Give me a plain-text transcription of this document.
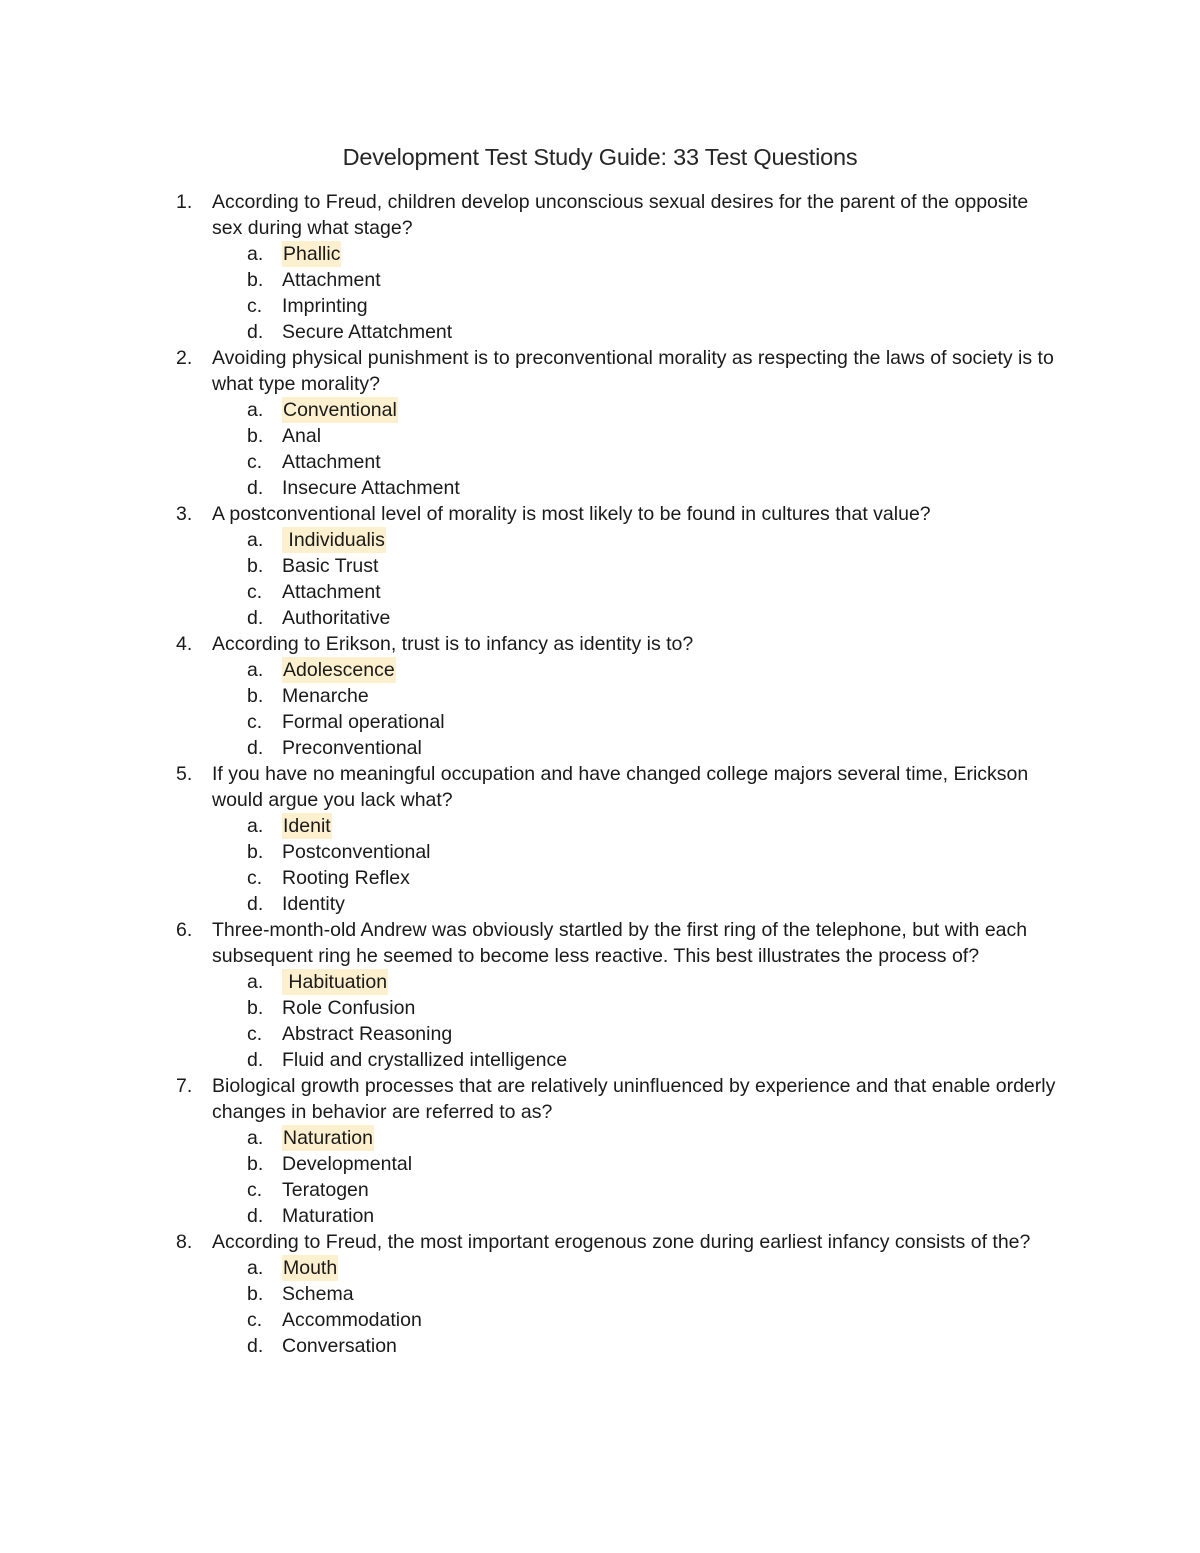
Development Test Study Guide: 33 Test Questions
1.	According to Freud, children develop unconscious sexual desires for the parent of the opposite sex during what stage?
a.	Phallic
b. Attachment
c.	Imprinting
d. Secure Attatchment
2.	Avoiding physical punishment is to preconventional morality as respecting the laws of society is to what type morality?
a.	Conventional
b. Anal
c.	Attachment
d. Insecure Attachment
3.	A postconventional level of morality is most likely to be found in cultures that value?
a.	Individualis
b. Basic Trust
c.	Attachment
d. Authoritative
4.	According to Erikson, trust is to infancy as identity is to?
a.	Adolescence
b. Menarche
c.	Formal operational
d. Preconventional
5.	If you have no meaningful occupation and have changed college majors several time, Erickson would argue you lack what?
a.	Idenit
b. Postconventional
c.	Rooting Reflex
d. Identity
6.	Three-month-old Andrew was obviously startled by the first ring of the telephone, but with each subsequent ring he seemed to become less reactive. This best illustrates the process of?
a.	Habituation
b. Role Confusion
c.	Abstract Reasoning
d. Fluid and crystallized intelligence
7.	Biological growth processes that are relatively uninfluenced by experience and that enable orderly changes in behavior are referred to as?
a.	Naturation
b. Developmental
c.	Teratogen
d. Maturation
8.	According to Freud, the most important erogenous zone during earliest infancy consists of the?
a.	Mouth
b. Schema
c.	Accommodation
d. Conversation
